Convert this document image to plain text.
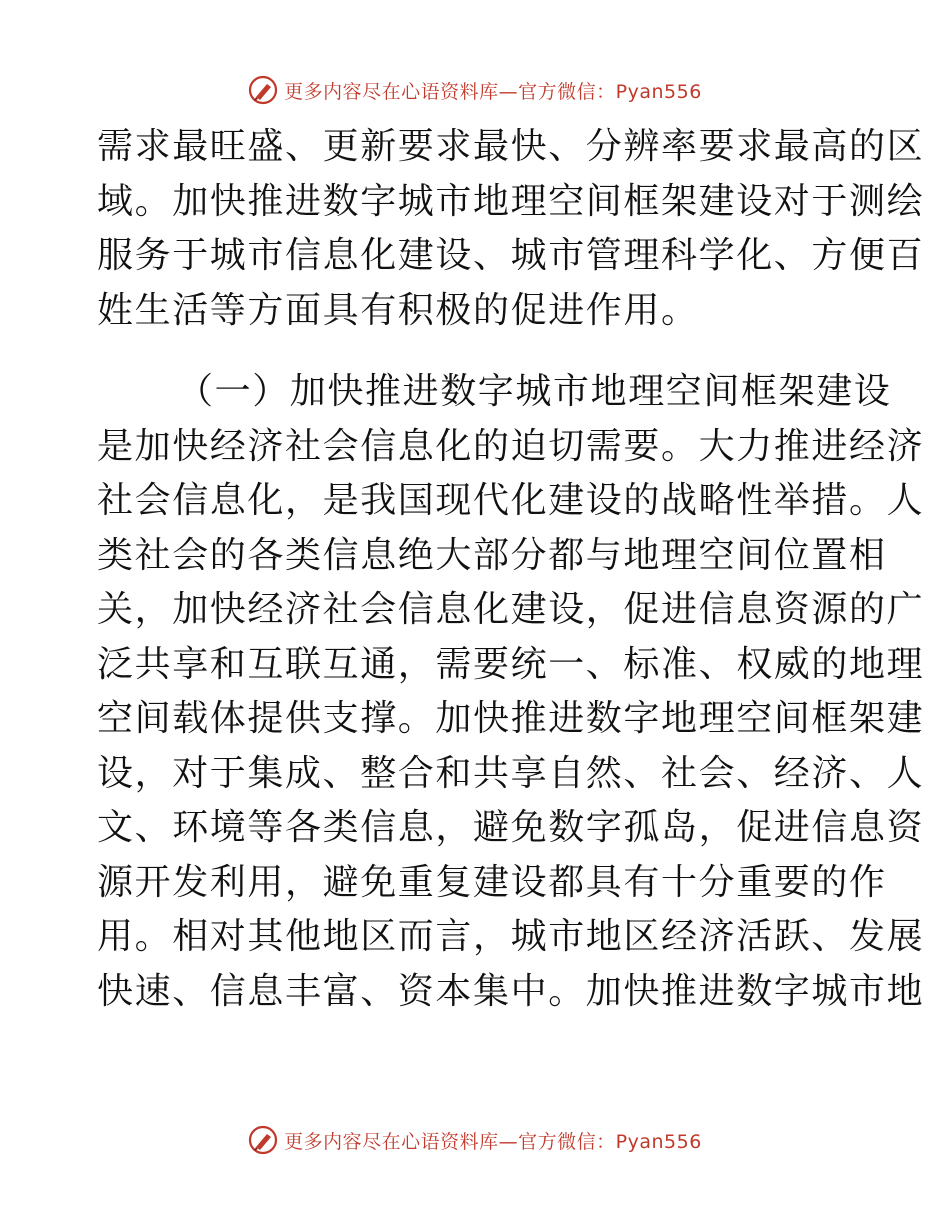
更多内容尽在心语资料库—官方微信：Pyan556
需求最旺盛、更新要求最快、分辨率要求最高的区
域。加快推进数字城市地理空间框架建设对于测绘
服务于城市信息化建设、城市管理科学化、方便百
姓生活等方面具有积极的促进作用。
（一）加快推进数字城市地理空间框架建设
是加快经济社会信息化的迫切需要。大力推进经济
社会信息化，是我国现代化建设的战略性举措。人
类社会的各类信息绝大部分都与地理空间位置相
关，加快经济社会信息化建设，促进信息资源的广
泛共享和互联互通，需要统一、标准、权威的地理
空间载体提供支撑。加快推进数字地理空间框架建
设，对于集成、整合和共享自然、社会、经济、人
文、环境等各类信息，避免数字孤岛，促进信息资
源开发利用，避免重复建设都具有十分重要的作
用。相对其他地区而言，城市地区经济活跃、发展
快速、信息丰富、资本集中。加快推进数字城市地
更多内容尽在心语资料库—官方微信：Pyan556
